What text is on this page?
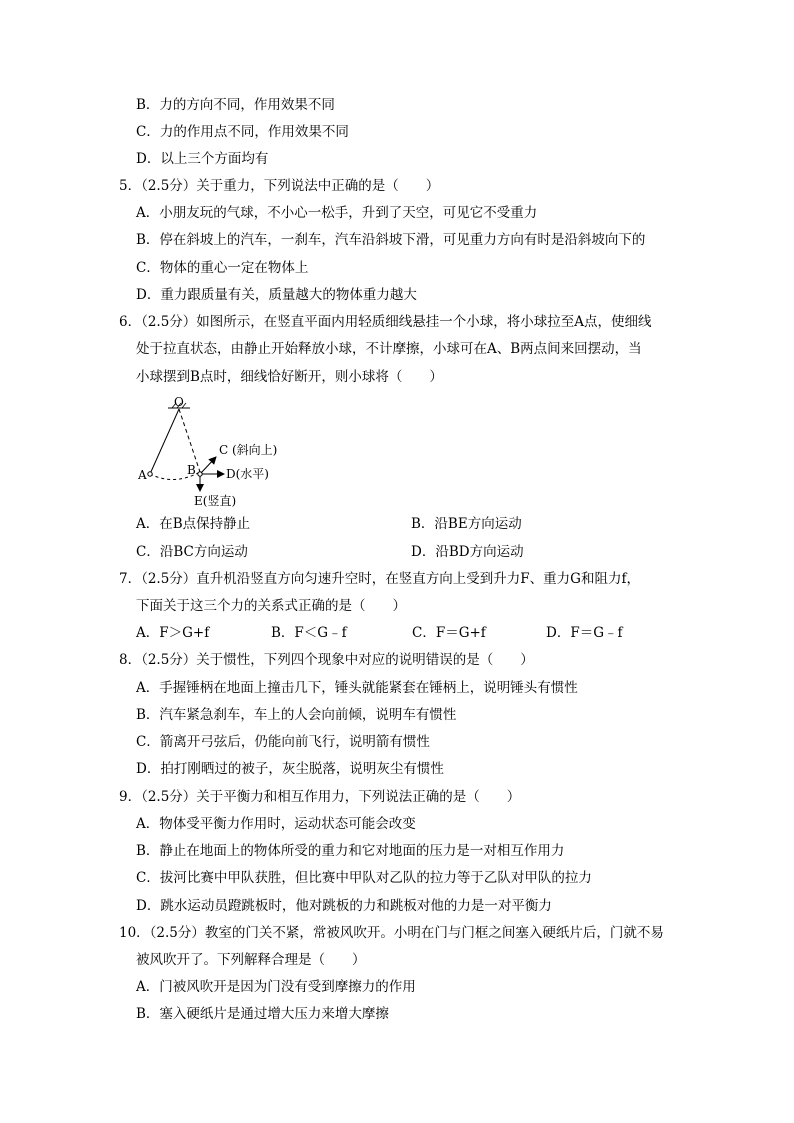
B．力的方向不同，作用效果不同
C．力的作用点不同，作用效果不同
D．以上三个方面均有
5．（2.5分）关于重力，下列说法中正确的是（　　）
A．小朋友玩的气球，不小心一松手，升到了天空，可见它不受重力
B．停在斜坡上的汽车，一刹车，汽车沿斜坡下滑，可见重力方向有时是沿斜坡向下的
C．物体的重心一定在物体上
D．重力跟质量有关，质量越大的物体重力越大
6．（2.5分）如图所示，在竖直平面内用轻质细线悬挂一个小球，将小球拉至A点，使细线
处于拉直状态，由静止开始释放小球，不计摩擦，小球可在A、B两点间来回摆动，当
小球摆到B点时，细线恰好断开，则小球将（　　）
O
A	B
C (斜向上)
D(水平)
E(竖直)
A．在B点保持静止	B．沿BE方向运动
C．沿BC方向运动	D．沿BD方向运动
7．（2.5分）直升机沿竖直方向匀速升空时，在竖直方向上受到升力F、重力G和阻力f，
下面关于这三个力的关系式正确的是（　　）
A．F＞G+f	B．F＜G﹣f	C．F＝G+f	D．F＝G﹣f
8．（2.5分）关于惯性，下列四个现象中对应的说明错误的是（　　）
A．手握锤柄在地面上撞击几下，锤头就能紧套在锤柄上，说明锤头有惯性
B．汽车紧急刹车，车上的人会向前倾，说明车有惯性
C．箭离开弓弦后，仍能向前飞行，说明箭有惯性
D．拍打刚晒过的被子，灰尘脱落，说明灰尘有惯性
9．（2.5分）关于平衡力和相互作用力，下列说法正确的是（　　）
A．物体受平衡力作用时，运动状态可能会改变
B．静止在地面上的物体所受的重力和它对地面的压力是一对相互作用力
C．拔河比赛中甲队获胜，但比赛中甲队对乙队的拉力等于乙队对甲队的拉力
D．跳水运动员蹬跳板时，他对跳板的力和跳板对他的力是一对平衡力
10．（2.5分）教室的门关不紧，常被风吹开。小明在门与门框之间塞入硬纸片后，门就不易
被风吹开了。下列解释合理是（　　）
A．门被风吹开是因为门没有受到摩擦力的作用
B．塞入硬纸片是通过增大压力来增大摩擦
